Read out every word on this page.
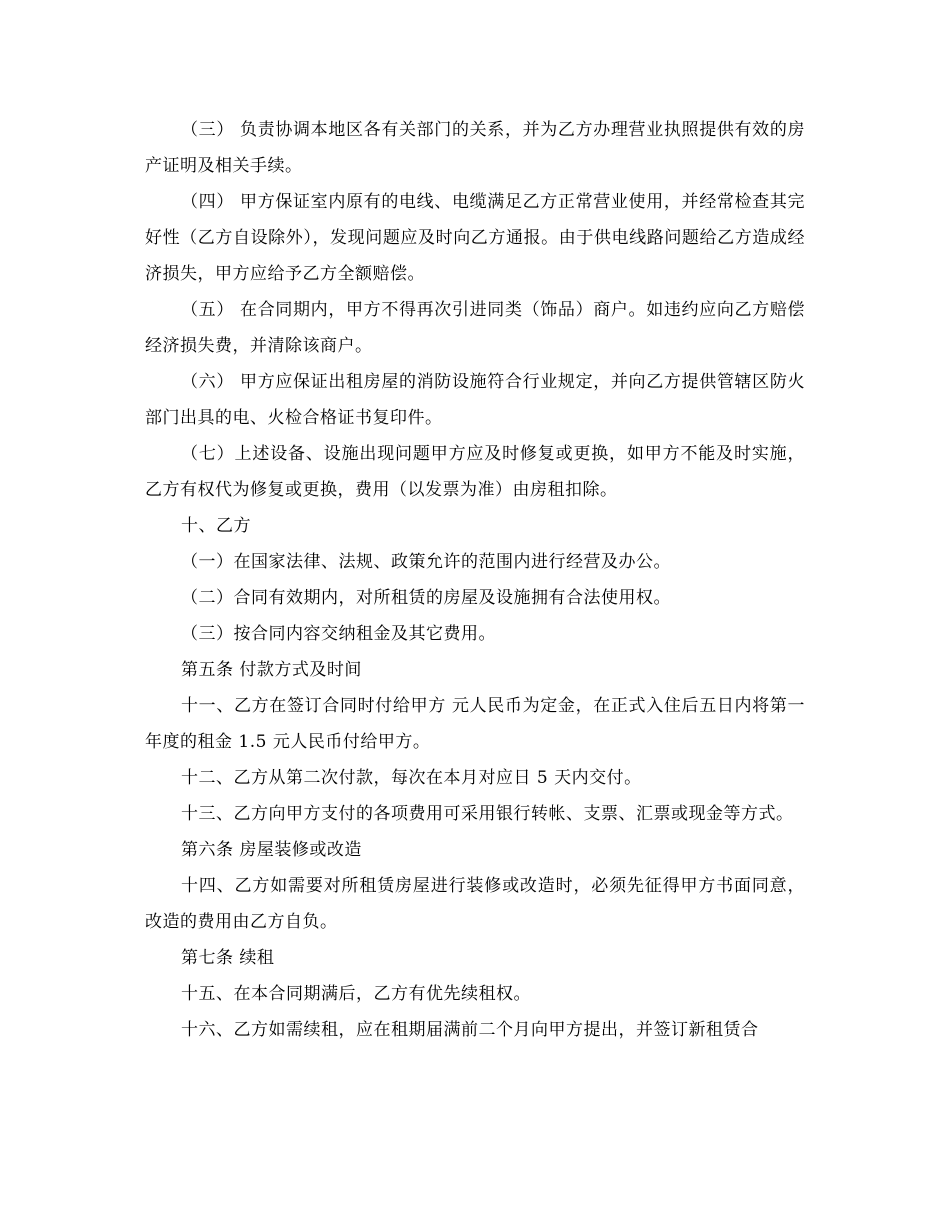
（三） 负责协调本地区各有关部门的关系，并为乙方办理营业执照提供有效的房产证明及相关手续。

（四） 甲方保证室内原有的电线、电缆满足乙方正常营业使用，并经常检查其完好性（乙方自设除外），发现问题应及时向乙方通报。由于供电线路问题给乙方造成经济损失，甲方应给予乙方全额赔偿。

（五） 在合同期内，甲方不得再次引进同类（饰品）商户。如违约应向乙方赔偿经济损失费，并清除该商户。

（六） 甲方应保证出租房屋的消防设施符合行业规定，并向乙方提供管辖区防火部门出具的电、火检合格证书复印件。

（七）上述设备、设施出现问题甲方应及时修复或更换，如甲方不能及时实施，乙方有权代为修复或更换，费用（以发票为准）由房租扣除。

十、乙方

（一）在国家法律、法规、政策允许的范围内进行经营及办公。

（二）合同有效期内，对所租赁的房屋及设施拥有合法使用权。

（三）按合同内容交纳租金及其它费用。

第五条 付款方式及时间

十一、乙方在签订合同时付给甲方 元人民币为定金，在正式入住后五日内将第一年度的租金 1.5 元人民币付给甲方。

十二、乙方从第二次付款，每次在本月对应日 5 天内交付。

十三、乙方向甲方支付的各项费用可采用银行转帐、支票、汇票或现金等方式。

第六条 房屋装修或改造

十四、乙方如需要对所租赁房屋进行装修或改造时，必须先征得甲方书面同意，改造的费用由乙方自负。

第七条 续租

十五、在本合同期满后，乙方有优先续租权。

十六、乙方如需续租，应在租期届满前二个月向甲方提出，并签订新租赁合
